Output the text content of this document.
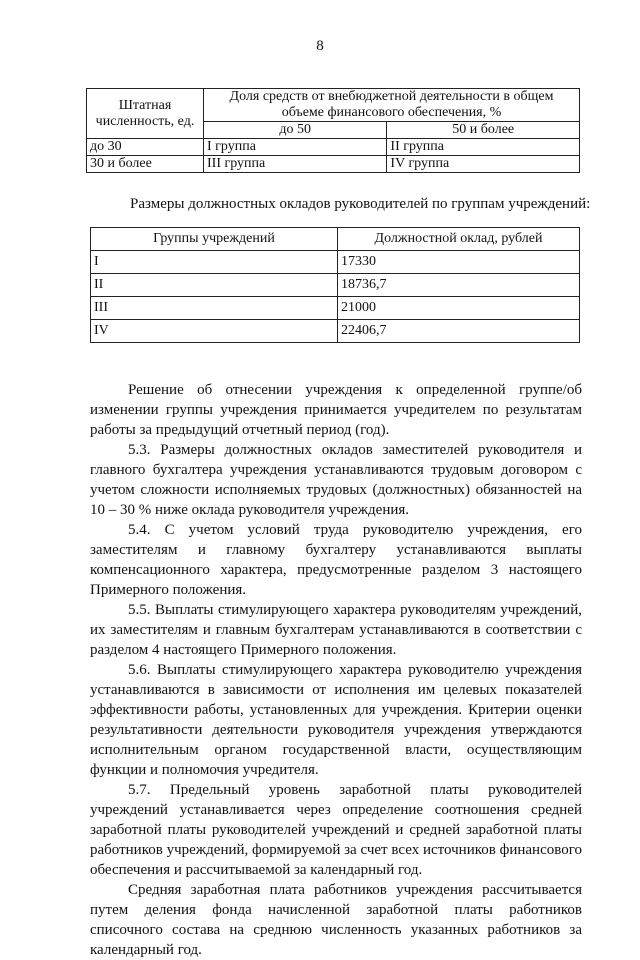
8
Штатная численность, ед.	Доля средств от внебюджетной деятельности в общем объеме финансового обеспечения, %	
	до 50	50 и более
до 30	I группа	II группа
30 и более	III группа	IV группа
Размеры должностных окладов руководителей по группам учреждений:
Группы учреждений	Должностной оклад, рублей
I	17330
II	18736,7
III	21000
IV	22406,7

Решение об отнесении учреждения к определенной группе/об изменении группы учреждения принимается учредителем по результатам работы за предыдущий отчетный период (год).

5.3. Размеры должностных окладов заместителей руководителя и главного бухгалтера учреждения устанавливаются трудовым договором с учетом сложности исполняемых трудовых (должностных) обязанностей на 10 – 30 % ниже оклада руководителя учреждения.

5.4. С учетом условий труда руководителю учреждения, его заместителям и главному бухгалтеру устанавливаются выплаты компенсационного характера, предусмотренные разделом 3 настоящего Примерного положения.

5.5. Выплаты стимулирующего характера руководителям учреждений, их заместителям и главным бухгалтерам устанавливаются в соответствии с разделом 4 настоящего Примерного положения.

5.6. Выплаты стимулирующего характера руководителю учреждения устанавливаются в зависимости от исполнения им целевых показателей эффективности работы, установленных для учреждения. Критерии оценки результативности деятельности руководителя учреждения утверждаются исполнительным органом государственной власти, осуществляющим функции и полномочия учредителя.

5.7. Предельный уровень заработной платы руководителей учреждений устанавливается через определение соотношения средней заработной платы руководителей учреждений и средней заработной платы работников учреждений, формируемой за счет всех источников финансового обеспечения и рассчитываемой за календарный год.

Средняя заработная плата работников учреждения рассчитывается путем деления фонда начисленной заработной платы работников списочного состава на среднюю численность указанных работников за календарный год.
